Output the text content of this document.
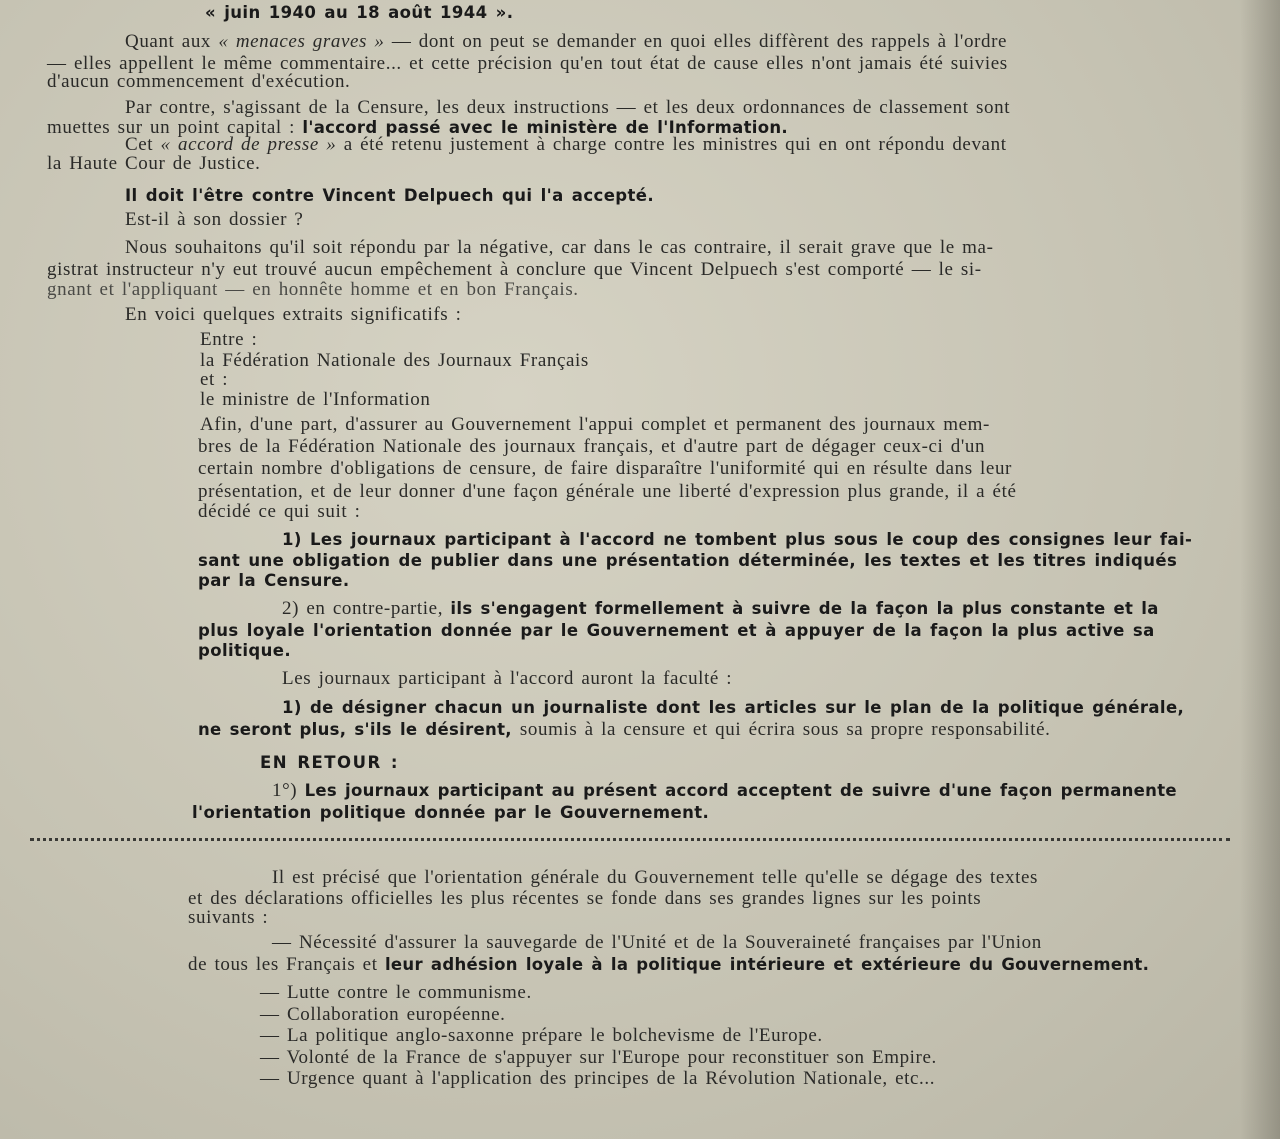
« juin 1940 au 18 août 1944 ».
Quant aux « menaces graves » — dont on peut se demander en quoi elles diffèrent des rappels à l'ordre
— elles appellent le même commentaire... et cette précision qu'en tout état de cause elles n'ont jamais été suivies
d'aucun commencement d'exécution.
Par contre, s'agissant de la Censure, les deux instructions — et les deux ordonnances de classement sont
muettes sur un point capital : l'accord passé avec le ministère de l'Information.
Cet « accord de presse » a été retenu justement à charge contre les ministres qui en ont répondu devant
la Haute Cour de Justice.
Il doit l'être contre Vincent Delpuech qui l'a accepté.
Est-il à son dossier ?
Nous souhaitons qu'il soit répondu par la négative, car dans le cas contraire, il serait grave que le ma-
gistrat instructeur n'y eut trouvé aucun empêchement à conclure que Vincent Delpuech s'est comporté — le si-
gnant et l'appliquant — en honnête homme et en bon Français.
En voici quelques extraits significatifs :
Entre :
la Fédération Nationale des Journaux Français
et :
le ministre de l'Information
Afin, d'une part, d'assurer au Gouvernement l'appui complet et permanent des journaux mem-
bres de la Fédération Nationale des journaux français, et d'autre part de dégager ceux-ci d'un
certain nombre d'obligations de censure, de faire disparaître l'uniformité qui en résulte dans leur
présentation, et de leur donner d'une façon générale une liberté d'expression plus grande, il a été
décidé ce qui suit :
1) Les journaux participant à l'accord ne tombent plus sous le coup des consignes leur fai-
sant une obligation de publier dans une présentation déterminée, les textes et les titres indiqués
par la Censure.
2) en contre-partie, ils s'engagent formellement à suivre de la façon la plus constante et la
plus loyale l'orientation donnée par le Gouvernement et à appuyer de la façon la plus active sa
politique.
Les journaux participant à l'accord auront la faculté :
1) de désigner chacun un journaliste dont les articles sur le plan de la politique générale,
ne seront plus, s'ils le désirent, soumis à la censure et qui écrira sous sa propre responsabilité.
EN RETOUR :
1°) Les journaux participant au présent accord acceptent de suivre d'une façon permanente
l'orientation politique donnée par le Gouvernement.
Il est précisé que l'orientation générale du Gouvernement telle qu'elle se dégage des textes
et des déclarations officielles les plus récentes se fonde dans ses grandes lignes sur les points
suivants :
— Nécessité d'assurer la sauvegarde de l'Unité et de la Souveraineté françaises par l'Union
de tous les Français et leur adhésion loyale à la politique intérieure et extérieure du Gouvernement.
— Lutte contre le communisme.
— Collaboration européenne.
— La politique anglo-saxonne prépare le bolchevisme de l'Europe.
— Volonté de la France de s'appuyer sur l'Europe pour reconstituer son Empire.
— Urgence quant à l'application des principes de la Révolution Nationale, etc...
